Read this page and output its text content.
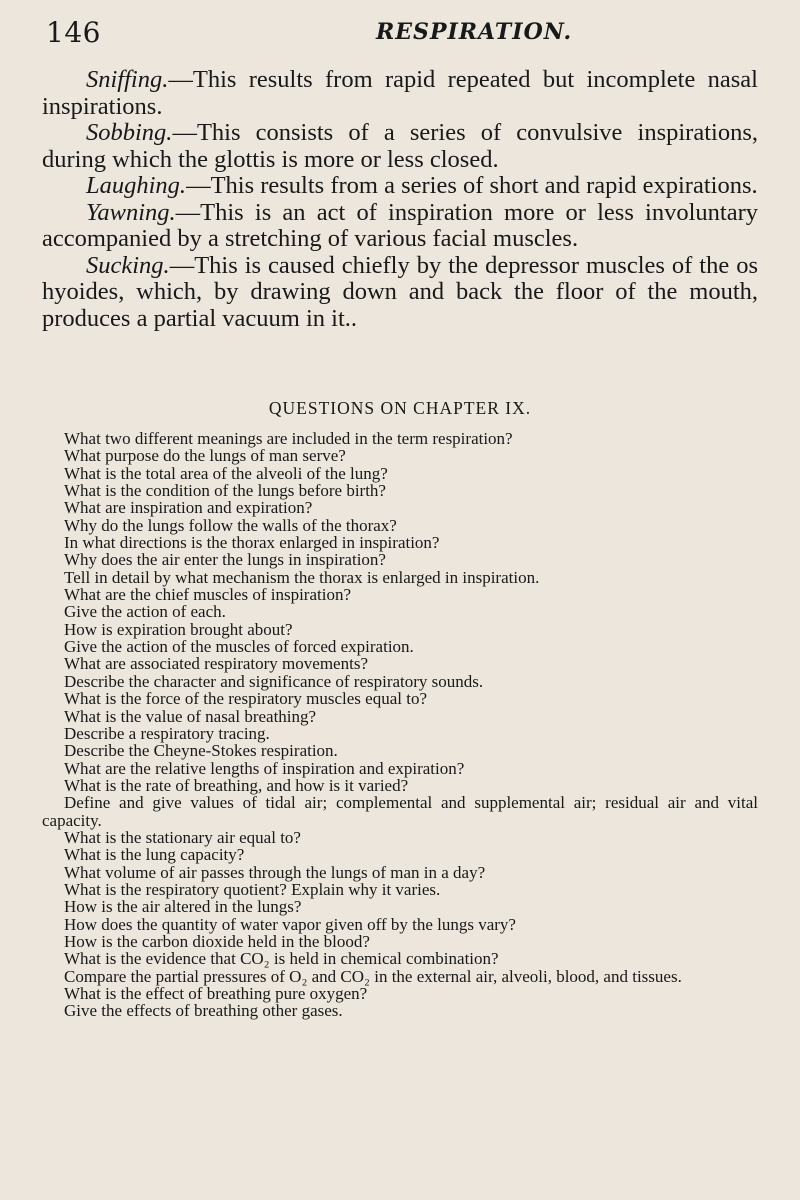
146	RESPIRATION.

Sniffing.—This results from rapid repeated but incomplete nasal inspirations.

Sobbing.—This consists of a series of convulsive inspirations, during which the glottis is more or less closed.

Laughing.—This results from a series of short and rapid expirations.

Yawning.—This is an act of inspiration more or less involuntary accompanied by a stretching of various facial muscles.

Sucking.—This is caused chiefly by the depressor muscles of the os hyoides, which, by drawing down and back the floor of the mouth, produces a partial vacuum in it..

QUESTIONS ON CHAPTER IX.

What two different meanings are included in the term respiration?

What purpose do the lungs of man serve?

What is the total area of the alveoli of the lung?

What is the condition of the lungs before birth?

What are inspiration and expiration?

Why do the lungs follow the walls of the thorax?

In what directions is the thorax enlarged in inspiration?

Why does the air enter the lungs in inspiration?

Tell in detail by what mechanism the thorax is enlarged in inspiration.

What are the chief muscles of inspiration?

Give the action of each.

How is expiration brought about?

Give the action of the muscles of forced expiration.

What are associated respiratory movements?

Describe the character and significance of respiratory sounds.

What is the force of the respiratory muscles equal to?

What is the value of nasal breathing?

Describe a respiratory tracing.

Describe the Cheyne-Stokes respiration.

What are the relative lengths of inspiration and expiration?

What is the rate of breathing, and how is it varied?

Define and give values of tidal air; complemental and supplemental air; residual air and vital capacity.

What is the stationary air equal to?

What is the lung capacity?

What volume of air passes through the lungs of man in a day?

What is the respiratory quotient? Explain why it varies.

How is the air altered in the lungs?

How does the quantity of water vapor given off by the lungs vary?

How is the carbon dioxide held in the blood?

What is the evidence that CO₂ is held in chemical combination?

Compare the partial pressures of O₂ and CO₂ in the external air, alveoli, blood, and tissues.

What is the effect of breathing pure oxygen?

Give the effects of breathing other gases.
